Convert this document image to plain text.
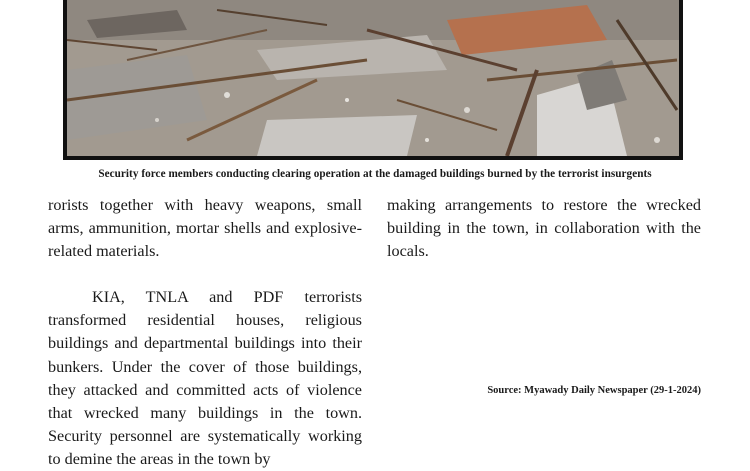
Security force members conducting clearing operation at the damaged buildings burned by the terrorist insurgents

rorists together with heavy weapons, small arms, ammunition, mortar shells and explosive-related materials.

KIA, TNLA and PDF terrorists transformed residential houses, religious buildings and departmental buildings into their bunkers. Under the cover of those buildings, they attacked and committed acts of violence that wrecked many buildings in the town. Security personnel are systematically working to demine the areas in the town by

making arrangements to restore the wrecked building in the town, in collaboration with the locals.

Source: Myawady Daily Newspaper (29-1-2024)
